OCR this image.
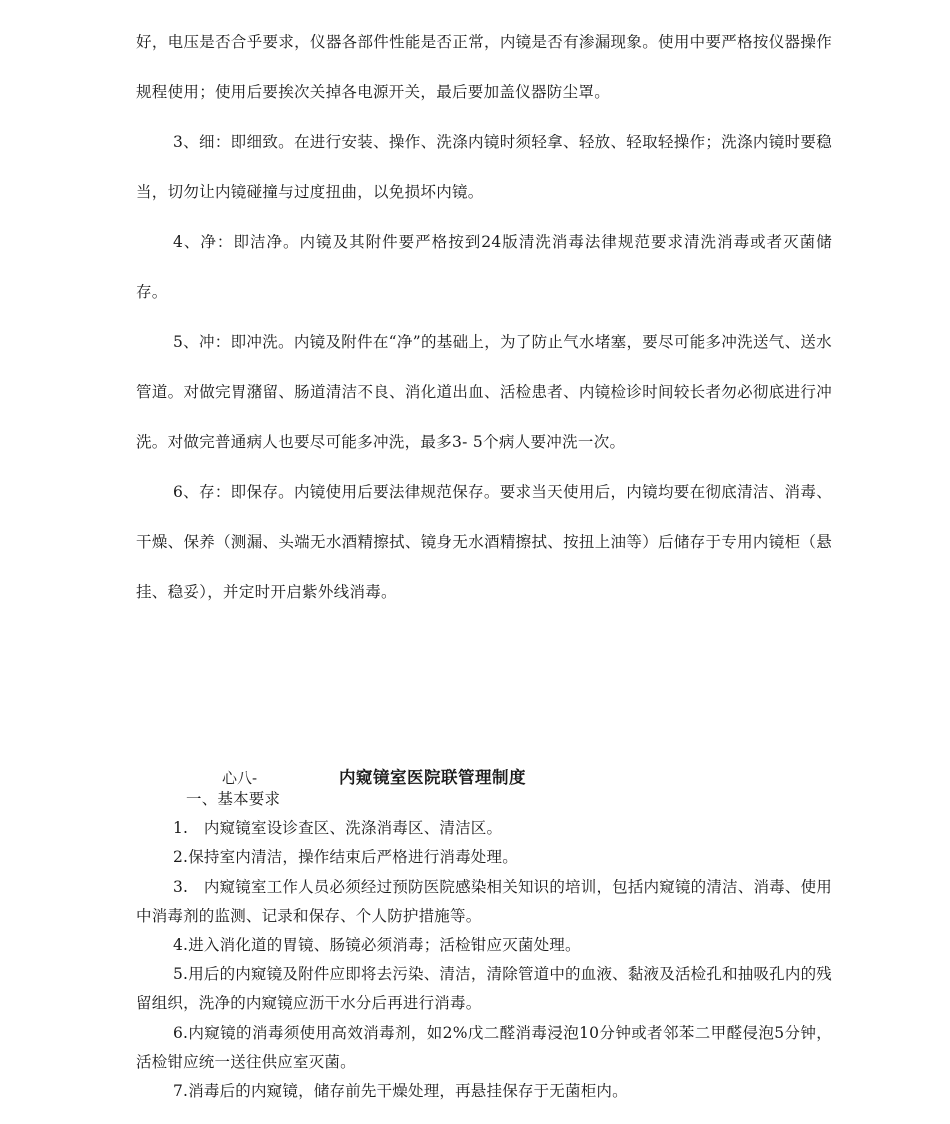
好，电压是否合乎要求，仪器各部件性能是否正常，内镜是否有渗漏现象。使用中要严格按仪器操作规程使用；使用后要挨次关掉各电源开关，最后要加盖仪器防尘罩。

3、细：即细致。在进行安装、操作、洗涤内镜时须轻拿、轻放、轻取轻操作；洗涤内镜时要稳当，切勿让内镜碰撞与过度扭曲，以免损坏内镜。

4、净：即洁净。内镜及其附件要严格按到24版清洗消毒法律规范要求清洗消毒或者灭菌储存。

5、冲：即冲洗。内镜及附件在“净”的基础上，为了防止气水堵塞，要尽可能多冲洗送气、送水管道。对做完胃潴留、肠道清洁不良、消化道出血、活检患者、内镜检诊时间较长者勿必彻底进行冲洗。对做完普通病人也要尽可能多冲洗，最多3- 5个病人要冲洗一次。

6、存：即保存。内镜使用后要法律规范保存。要求当天使用后，内镜均要在彻底清洁、消毒、干燥、保养（测漏、头端无水酒精擦拭、镜身无水酒精擦拭、按扭上油等）后储存于专用内镜柜（悬挂、稳妥），并定时开启紫外线消毒。

心八-	内窥镜室医院联管理制度

一、基本要求

1.　内窥镜室设诊查区、洗涤消毒区、清洁区。

2.保持室内清洁，操作结束后严格进行消毒处理。

3.　内窥镜室工作人员必须经过预防医院感染相关知识的培训，包括内窥镜的清洁、消毒、使用中消毒剂的监测、记录和保存、个人防护措施等。

4.进入消化道的胃镜、肠镜必须消毒；活检钳应灭菌处理。

5.用后的内窥镜及附件应即将去污染、清洁，清除管道中的血液、黏液及活检孔和抽吸孔内的残留组织，洗净的内窥镜应沥干水分后再进行消毒。

6.内窥镜的消毒须使用高效消毒剂，如2%戊二醛消毒浸泡10分钟或者邻苯二甲醛侵泡5分钟，活检钳应统一送往供应室灭菌。

7.消毒后的内窥镜，储存前先干燥处理，再悬挂保存于无菌柜内。
